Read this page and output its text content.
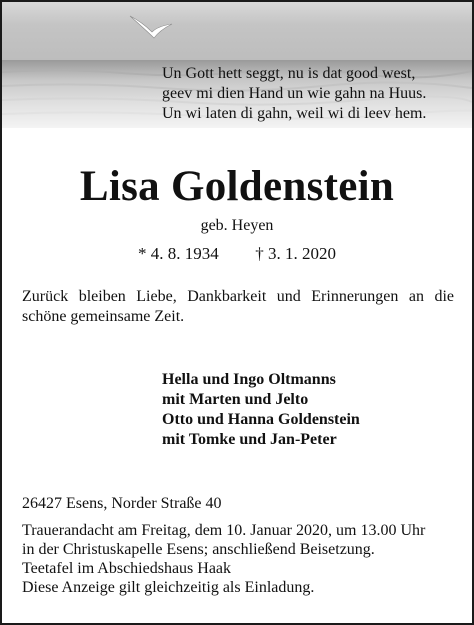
Un Gott hett seggt, nu is dat good west,
geev mi dien Hand un wie gahn na Huus.
Un wi laten di gahn, weil wi di leev hem.
Lisa Goldenstein
geb. Heyen
* 4. 8. 1934 † 3. 1. 2020
Zurück bleiben Liebe, Dankbarkeit und Erinnerungen an die schöne gemeinsame Zeit.
Hella und Ingo Oltmanns
mit Marten und Jelto
Otto und Hanna Goldenstein
mit Tomke und Jan-Peter
26427 Esens, Norder Straße 40
Trauerandacht am Freitag, dem 10. Januar 2020, um 13.00 Uhr
in der Christuskapelle Esens; anschließend Beisetzung.
Teetafel im Abschiedshaus Haak
Diese Anzeige gilt gleichzeitig als Einladung.
